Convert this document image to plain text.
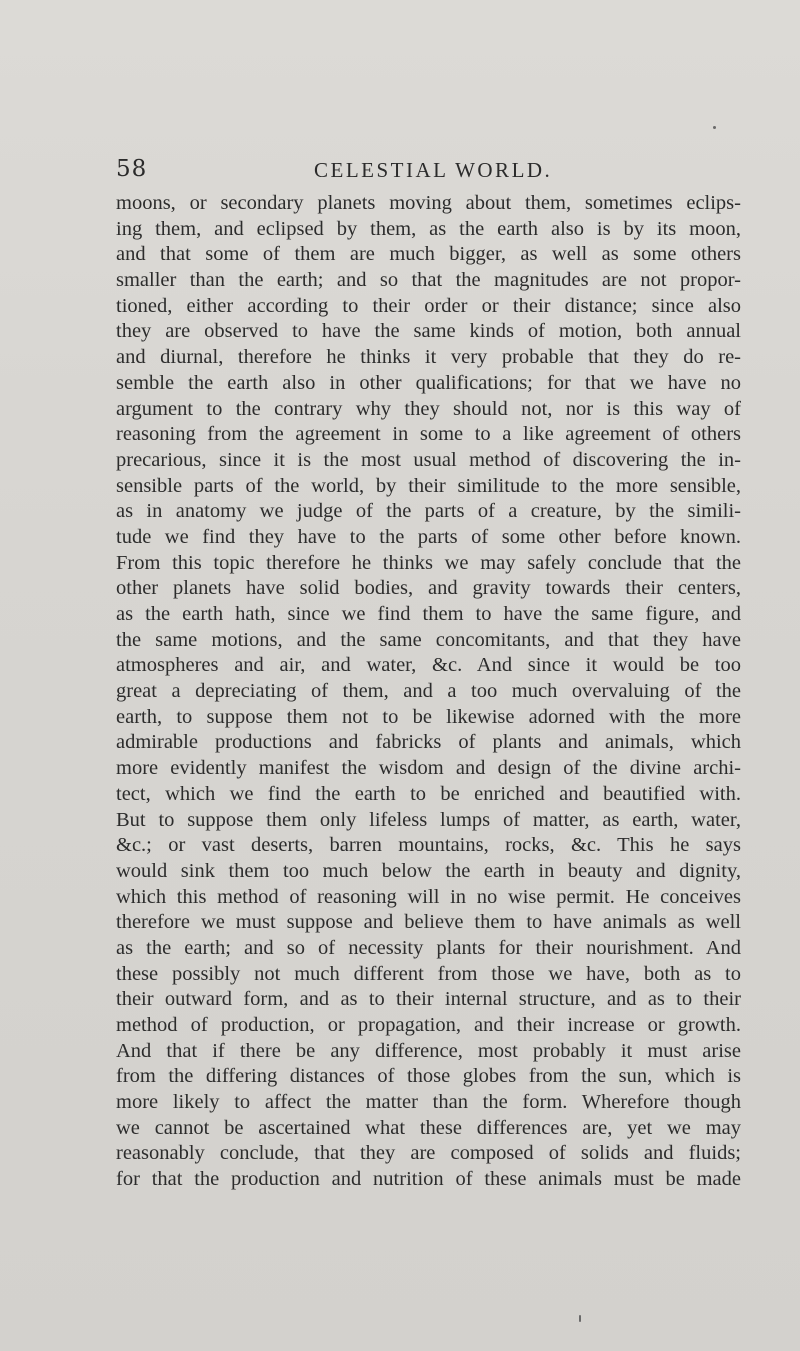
58	CELESTIAL WORLD.
moons, or secondary planets moving about them, sometimes eclips-
ing them, and eclipsed by them, as the earth also is by its moon,
and that some of them are much bigger, as well as some others
smaller than the earth; and so that the magnitudes are not propor-
tioned, either according to their order or their distance; since also
they are observed to have the same kinds of motion, both annual
and diurnal, therefore he thinks it very probable that they do re-
semble the earth also in other qualifications; for that we have no
argument to the contrary why they should not, nor is this way of
reasoning from the agreement in some to a like agreement of others
precarious, since it is the most usual method of discovering the in-
sensible parts of the world, by their similitude to the more sensible,
as in anatomy we judge of the parts of a creature, by the simili-
tude we find they have to the parts of some other before known.
From this topic therefore he thinks we may safely conclude that the
other planets have solid bodies, and gravity towards their centers,
as the earth hath, since we find them to have the same figure, and
the same motions, and the same concomitants, and that they have
atmospheres and air, and water, &c. And since it would be too
great a depreciating of them, and a too much overvaluing of the
earth, to suppose them not to be likewise adorned with the more
admirable productions and fabricks of plants and animals, which
more evidently manifest the wisdom and design of the divine archi-
tect, which we find the earth to be enriched and beautified with.
But to suppose them only lifeless lumps of matter, as earth, water,
&c.; or vast deserts, barren mountains, rocks, &c. This he says
would sink them too much below the earth in beauty and dignity,
which this method of reasoning will in no wise permit. He conceives
therefore we must suppose and believe them to have animals as well
as the earth; and so of necessity plants for their nourishment. And
these possibly not much different from those we have, both as to
their outward form, and as to their internal structure, and as to their
method of production, or propagation, and their increase or growth.
And that if there be any difference, most probably it must arise
from the differing distances of those globes from the sun, which is
more likely to affect the matter than the form. Wherefore though
we cannot be ascertained what these differences are, yet we may
reasonably conclude, that they are composed of solids and fluids;
for that the production and nutrition of these animals must be made
